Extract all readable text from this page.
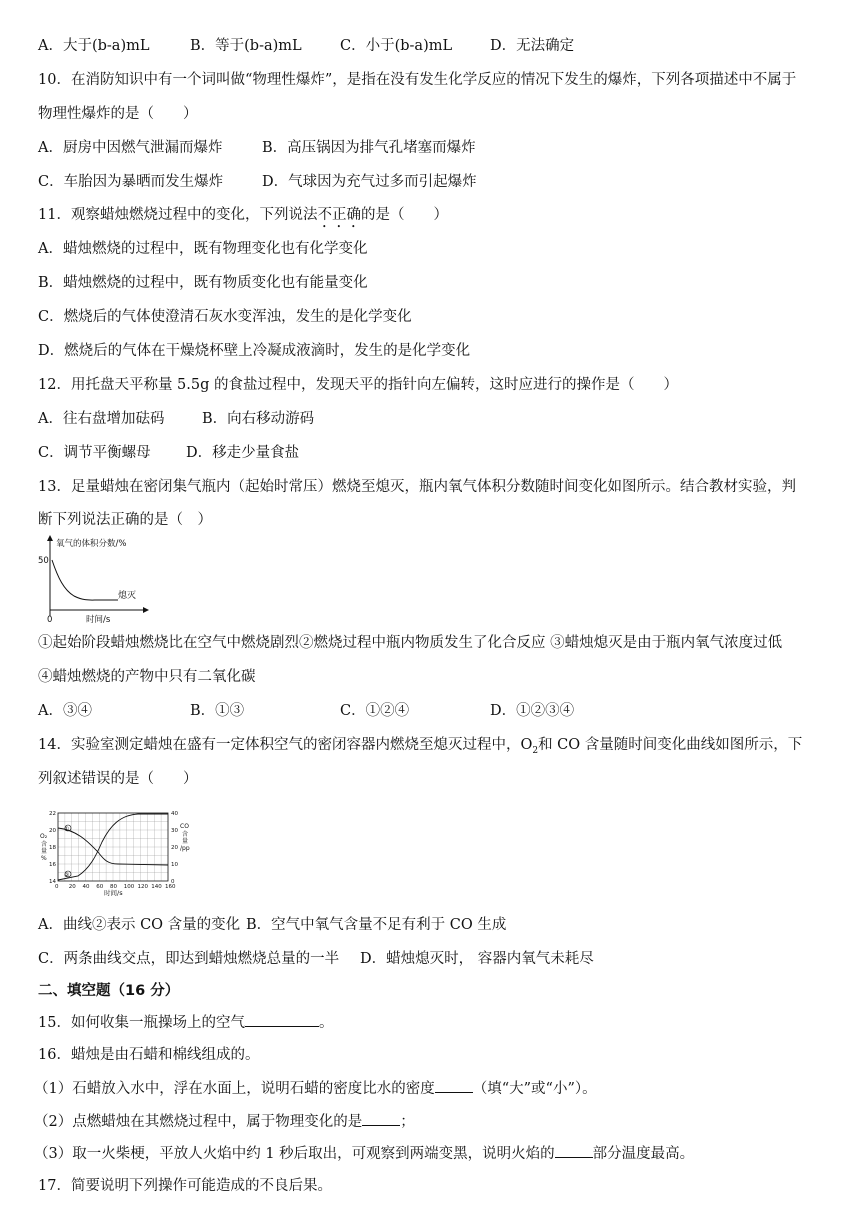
A．大于(b-a)mL	B．等于(b-a)mL	C．小于(b-a)mL	D．无法确定
10．在消防知识中有一个词叫做“物理性爆炸”，是指在没有发生化学反应的情况下发生的爆炸，下列各项描述中不属于
物理性爆炸的是（　　）
A．厨房中因燃气泄漏而爆炸	B．高压锅因为排气孔堵塞而爆炸
C．车胎因为暴晒而发生爆炸	D．气球因为充气过多而引起爆炸
11．观察蜡烛燃烧过程中的变化，下列说法不正确的是（　　）
A．蜡烛燃烧的过程中，既有物理变化也有化学变化
B．蜡烛燃烧的过程中，既有物质变化也有能量变化
C．燃烧后的气体使澄清石灰水变浑浊，发生的是化学变化
D．燃烧后的气体在干燥烧杯壁上冷凝成液滴时，发生的是化学变化
12．用托盘天平称量 5.5g 的食盐过程中，发现天平的指针向左偏转，这时应进行的操作是（　　）
A．往右盘增加砝码	B．向右移动游码
C．调节平衡螺母 D．移走少量食盐
13．足量蜡烛在密闭集气瓶内（起始时常压）燃烧至熄灭，瓶内氧气体积分数随时间变化如图所示。结合教材实验，判
断下列说法正确的是（　）
氧气的体积分数/%
50
0	时间/s
熄灭
①起始阶段蜡烛燃烧比在空气中燃烧剧烈②燃烧过程中瓶内物质发生了化合反应 ③蜡烛熄灭是由于瓶内氧气浓度过低
④蜡烛燃烧的产物中只有二氧化碳
A．③④	B．①③	C．①②④	D．①②③④
14．实验室测定蜡烛在盛有一定体积空气的密闭容器内燃烧至熄灭过程中，$O_2$和 CO 含量随时间变化曲线如图所示，下
列叙述错误的是（　　）
O₂
含
量
%
CO
含
量
/pp
0 20 40 60 80 100 120 140 160
14
16
18
20
22
0
10
20
30
40
①
②
时间/s
A．曲线②表示 CO 含量的变化 B．空气中氧气含量不足有利于 CO 生成
C．两条曲线交点，即达到蜡烛燃烧总量的一半 D．蜡烛熄灭时， 容器内氧气未耗尽
二、填空题（16 分）
15．如何收集一瓶操场上的空气	。
16．蜡烛是由石蜡和棉线组成的。
（1）石蜡放入水中，浮在水面上，说明石蜡的密度比水的密度	（填“大”或“小”）。
（2）点燃蜡烛在其燃烧过程中，属于物理变化的是	；
（3）取一火柴梗，平放人火焰中约 1 秒后取出，可观察到两端变黑，说明火焰的	部分温度最高。
17．简要说明下列操作可能造成的不良后果。
